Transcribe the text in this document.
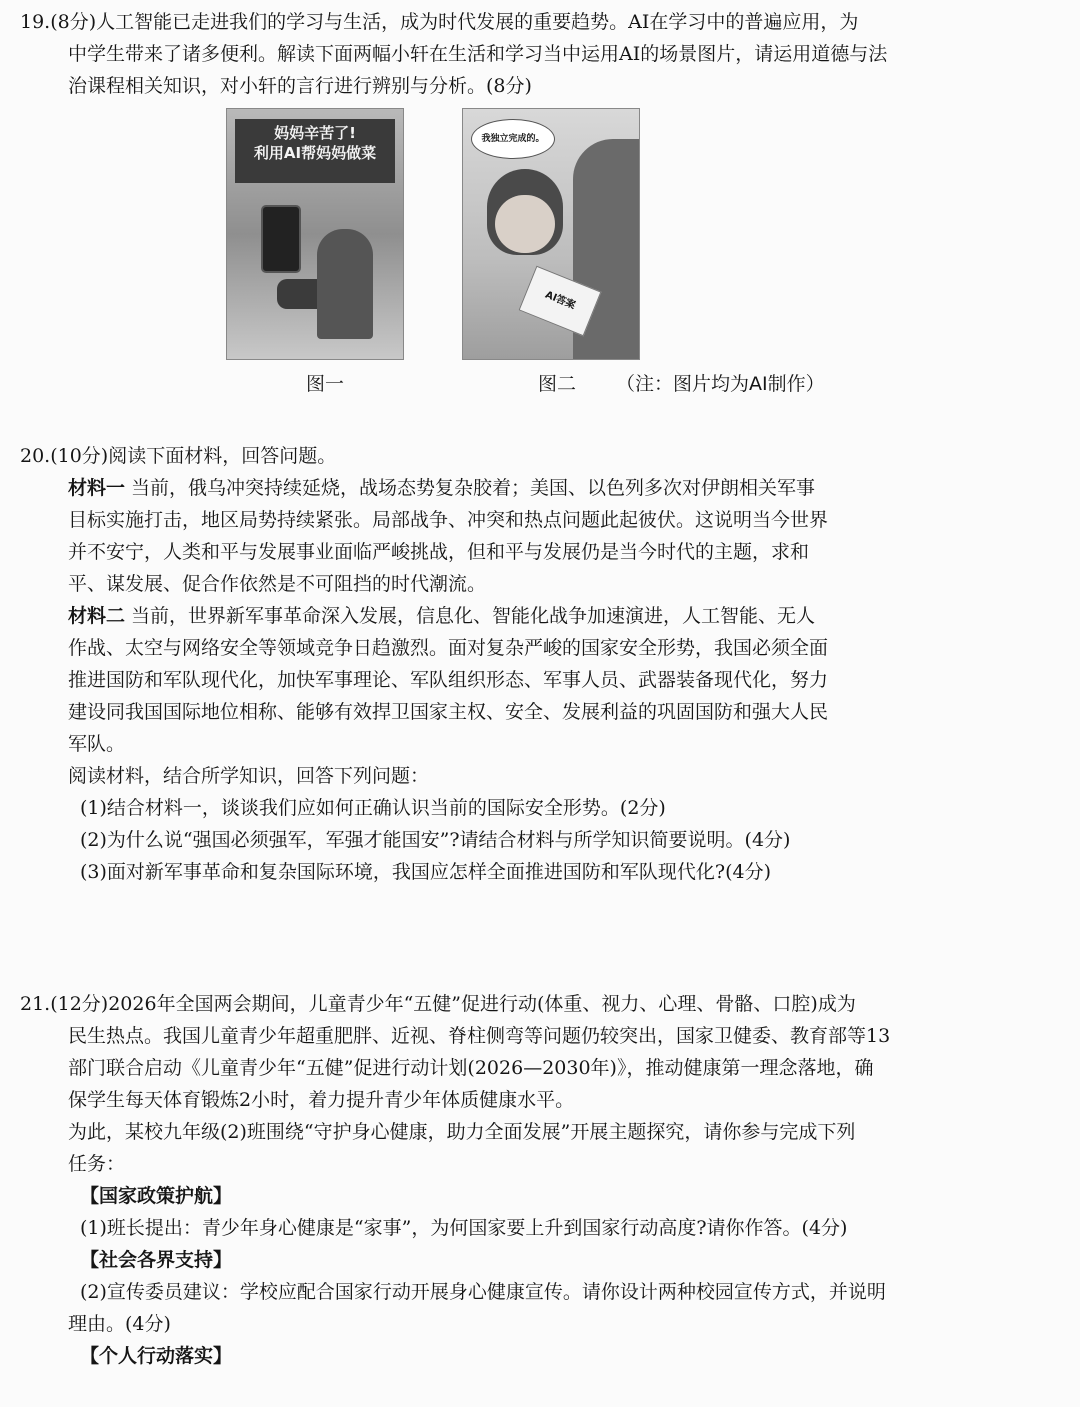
19.(8分)人工智能已走进我们的学习与生活，成为时代发展的重要趋势。AI在学习中的普遍应用，为

中学生带来了诸多便利。解读下面两幅小轩在生活和学习当中运用AI的场景图片，请运用道德与法

治课程相关知识，对小轩的言行进行辨别与分析。(8分)

妈妈辛苦了!
利用AI帮妈妈做菜
我独立完成的。
AI答案
图一	图二 （注：图片均为AI制作）

20.(10分)阅读下面材料，回答问题。

材料一 当前，俄乌冲突持续延烧，战场态势复杂胶着；美国、以色列多次对伊朗相关军事

目标实施打击，地区局势持续紧张。局部战争、冲突和热点问题此起彼伏。这说明当今世界

并不安宁，人类和平与发展事业面临严峻挑战，但和平与发展仍是当今时代的主题，求和

平、谋发展、促合作依然是不可阻挡的时代潮流。

材料二 当前，世界新军事革命深入发展，信息化、智能化战争加速演进，人工智能、无人

作战、太空与网络安全等领域竞争日趋激烈。面对复杂严峻的国家安全形势，我国必须全面

推进国防和军队现代化，加快军事理论、军队组织形态、军事人员、武器装备现代化，努力

建设同我国国际地位相称、能够有效捍卫国家主权、安全、发展利益的巩固国防和强大人民

军队。

阅读材料，结合所学知识，回答下列问题：

(1)结合材料一，谈谈我们应如何正确认识当前的国际安全形势。(2分)

(2)为什么说“强国必须强军，军强才能国安”?请结合材料与所学知识简要说明。(4分)

(3)面对新军事革命和复杂国际环境，我国应怎样全面推进国防和军队现代化?(4分)

21.(12分)2026年全国两会期间，儿童青少年“五健”促进行动(体重、视力、心理、骨骼、口腔)成为

民生热点。我国儿童青少年超重肥胖、近视、脊柱侧弯等问题仍较突出，国家卫健委、教育部等13

部门联合启动《儿童青少年“五健”促进行动计划(2026—2030年)》，推动健康第一理念落地，确

保学生每天体育锻炼2小时，着力提升青少年体质健康水平。

为此，某校九年级(2)班围绕“守护身心健康，助力全面发展”开展主题探究，请你参与完成下列

任务：

【国家政策护航】

(1)班长提出：青少年身心健康是“家事”，为何国家要上升到国家行动高度?请你作答。(4分)

【社会各界支持】

(2)宣传委员建议：学校应配合国家行动开展身心健康宣传。请你设计两种校园宣传方式，并说明

理由。(4分)

【个人行动落实】
